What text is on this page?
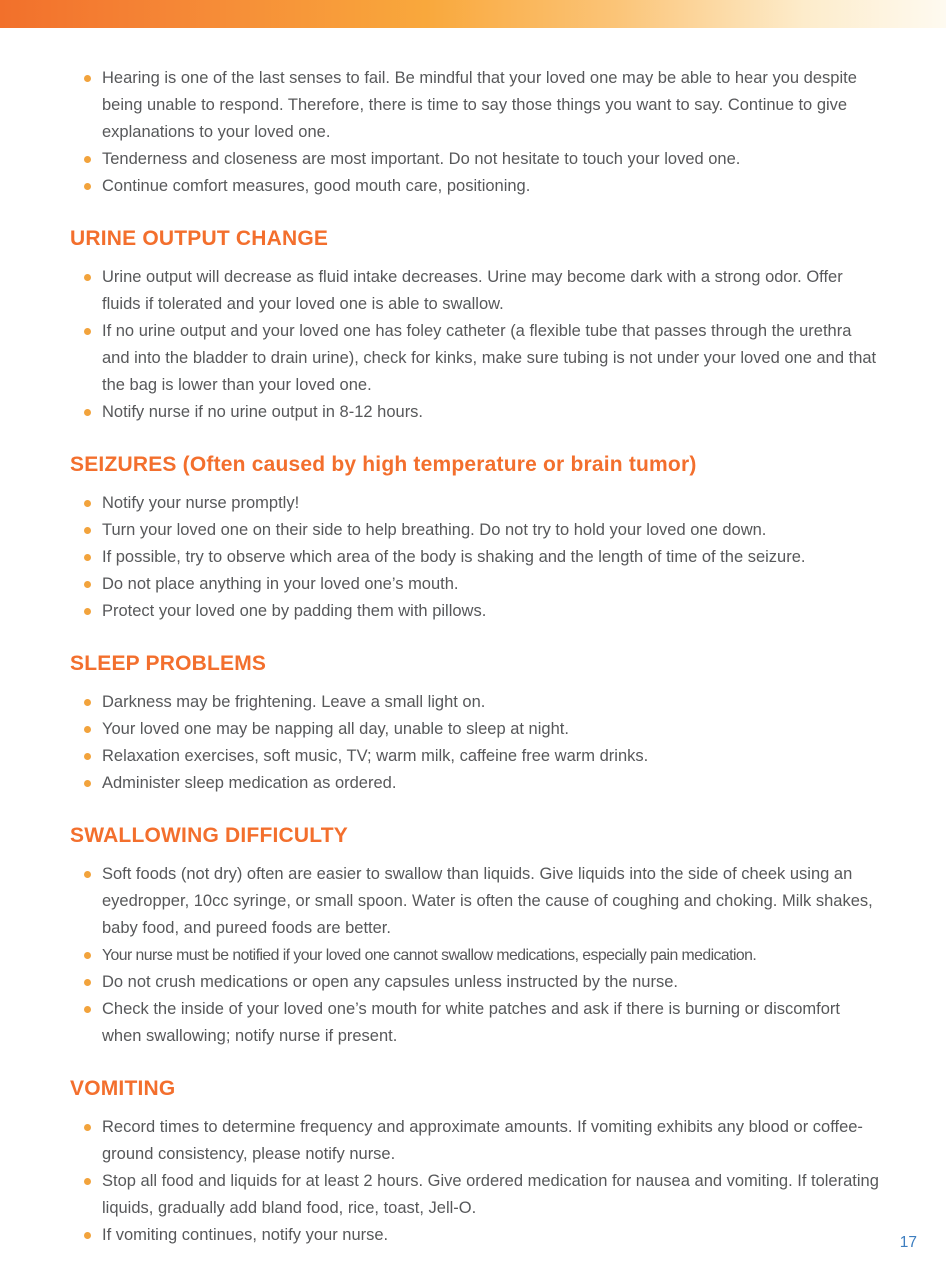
Hearing is one of the last senses to fail. Be mindful that your loved one may be able to hear you despite being unable to respond. Therefore, there is time to say those things you want to say. Continue to give explanations to your loved one.
Tenderness and closeness are most important. Do not hesitate to touch your loved one.
Continue comfort measures, good mouth care, positioning.
URINE OUTPUT CHANGE
Urine output will decrease as fluid intake decreases. Urine may become dark with a strong odor. Offer fluids if tolerated and your loved one is able to swallow.
If no urine output and your loved one has foley catheter (a flexible tube that passes through the urethra and into the bladder to drain urine), check for kinks, make sure tubing is not under your loved one and that the bag is lower than your loved one.
Notify nurse if no urine output in 8-12 hours.
SEIZURES (Often caused by high temperature or brain tumor)
Notify your nurse promptly!
Turn your loved one on their side to help breathing. Do not try to hold your loved one down.
If possible, try to observe which area of the body is shaking and the length of time of the seizure.
Do not place anything in your loved one’s mouth.
Protect your loved one by padding them with pillows.
SLEEP PROBLEMS
Darkness may be frightening. Leave a small light on.
Your loved one may be napping all day, unable to sleep at night.
Relaxation exercises, soft music, TV; warm milk, caffeine free warm drinks.
Administer sleep medication as ordered.
SWALLOWING DIFFICULTY
Soft foods (not dry) often are easier to swallow than liquids. Give liquids into the side of cheek using an eyedropper, 10cc syringe, or small spoon. Water is often the cause of coughing and choking. Milk shakes, baby food, and pureed foods are better.
Your nurse must be notified if your loved one cannot swallow medications, especially pain medication.
Do not crush medications or open any capsules unless instructed by the nurse.
Check the inside of your loved one’s mouth for white patches and ask if there is burning or discomfort when swallowing; notify nurse if present.
VOMITING
Record times to determine frequency and approximate amounts. If vomiting exhibits any blood or coffee-ground consistency, please notify nurse.
Stop all food and liquids for at least 2 hours. Give ordered medication for nausea and vomiting. If tolerating liquids, gradually add bland food, rice, toast, Jell-O.
If vomiting continues, notify your nurse.	17
